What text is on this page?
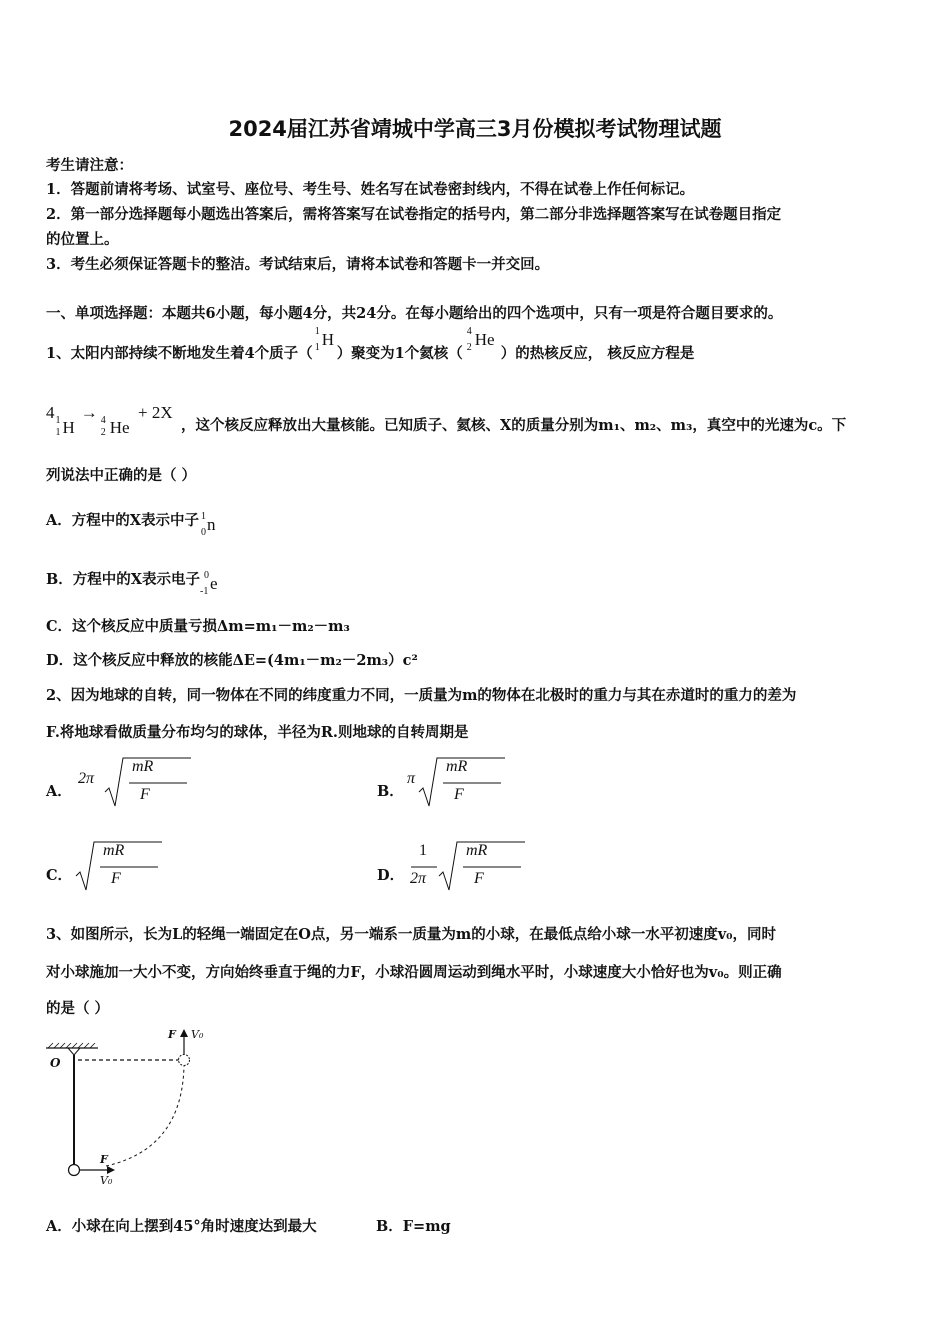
2024届江苏省靖城中学高三3月份模拟考试物理试题
考生请注意：
1．答题前请将考场、试室号、座位号、考生号、姓名写在试卷密封线内，不得在试卷上作任何标记。
2．第一部分选择题每小题选出答案后，需将答案写在试卷指定的括号内，第二部分非选择题答案写在试卷题目指定
的位置上。
3．考生必须保证答题卡的整洁。考试结束后，请将本试卷和答题卡一并交回。
一、单项选择题：本题共6小题，每小题4分，共24分。在每小题给出的四个选项中，只有一项是符合题目要求的。
1、太阳内部持续不断地发生着4个质子（
1
1 H
）聚变为1个氦核（
4
2 He
）的热核反应， 核反应方程是
4 1
1 H
→ 4
2 He
+ 2X
，这个核反应释放出大量核能。已知质子、氦核、X的质量分别为m₁、m₂、m₃，真空中的光速为c。下
列说法中正确的是（ ）
A．方程中的X表示中子 1
0 n
B．方程中的X表示电子 0
-1 e
C．这个核反应中质量亏损Δm=m₁－m₂－m₃
D．这个核反应中释放的核能ΔE=(4m₁－m₂－2m₃）c²
2、因为地球的自转，同一物体在不同的纬度重力不同，一质量为m的物体在北极时的重力与其在赤道时的重力的差为
F.将地球看做质量分布均匀的球体，半径为R.则地球的自转周期是
A．
2π
mR
F	B．
π
mR
F
C．
mR
F	D．
1
2π
mR
F
3、如图所示，长为L的轻绳一端固定在O点，另一端系一质量为m的小球，在最低点给小球一水平初速度v₀，同时
对小球施加一大小不变，方向始终垂直于绳的力F，小球沿圆周运动到绳水平时，小球速度大小恰好也为v₀。则正确
的是（ ）
O
F V₀
F
V₀
A．小球在向上摆到45°角时速度达到最大	B．F=mg
